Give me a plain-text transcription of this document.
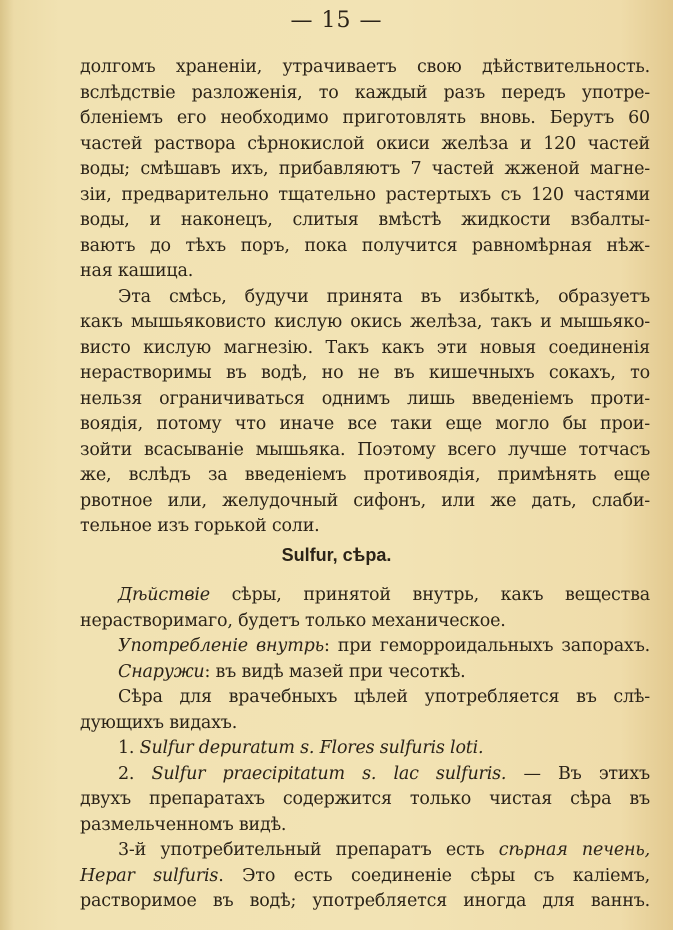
— 15 —
долгомъ храненіи, утрачиваетъ свою дѣйствительность.
вслѣдствіе разложенія, то каждый разъ передъ употре-
бленіемъ его необходимо приготовлять вновь. Берутъ 60
частей раствора сѣрнокислой окиси желѣза и 120 частей
воды; смѣшавъ ихъ, прибавляютъ 7 частей жженой магне-
зіи, предварительно тщательно растертыхъ съ 120 частями
воды, и наконецъ, слитыя вмѣстѣ жидкости взбалты-
ваютъ до тѣхъ поръ, пока получится равномѣрная нѣж-
ная кашица.
Эта смѣсь, будучи принята въ избыткѣ, образуетъ
какъ мышьяковисто кислую окись желѣза, такъ и мышьяко-
висто кислую магнезію. Такъ какъ эти новыя соединенія
нерастворимы въ водѣ, но не въ кишечныхъ сокахъ, то
нельзя ограничиваться однимъ лишь введеніемъ проти-
воядія, потому что иначе все таки еще могло бы прои-
зойти всасываніе мышьяка. Поэтому всего лучше тотчасъ
же, вслѣдъ за введеніемъ противоядія, примѣнять еще
рвотное или, желудочный сифонъ, или же дать, слаби-
тельное изъ горькой соли.
Дѣйствіе сѣры, принятой внутрь, какъ вещества
нерастворимаго, будетъ только механическое.
Употребленіе внутрь: при геморроидальныхъ запорахъ.
Снаружи: въ видѣ мазей при чесоткѣ.
Сѣра для врачебныхъ цѣлей употребляется въ слѣ-
дующихъ видахъ.
1. Sulfur depuratum s. Flores sulfuris loti.
2. Sulfur praecipitatum s. lac sulfuris. — Въ этихъ
двухъ препаратахъ содержится только чистая сѣра въ
размельченномъ видѣ.
3-й употребительный препаратъ есть сѣрная печень,
Hepar sulfuris. Это есть соединеніе сѣры съ каліемъ,
растворимое въ водѣ; употребляется иногда для ваннъ.
Sulfur, сѣра.
